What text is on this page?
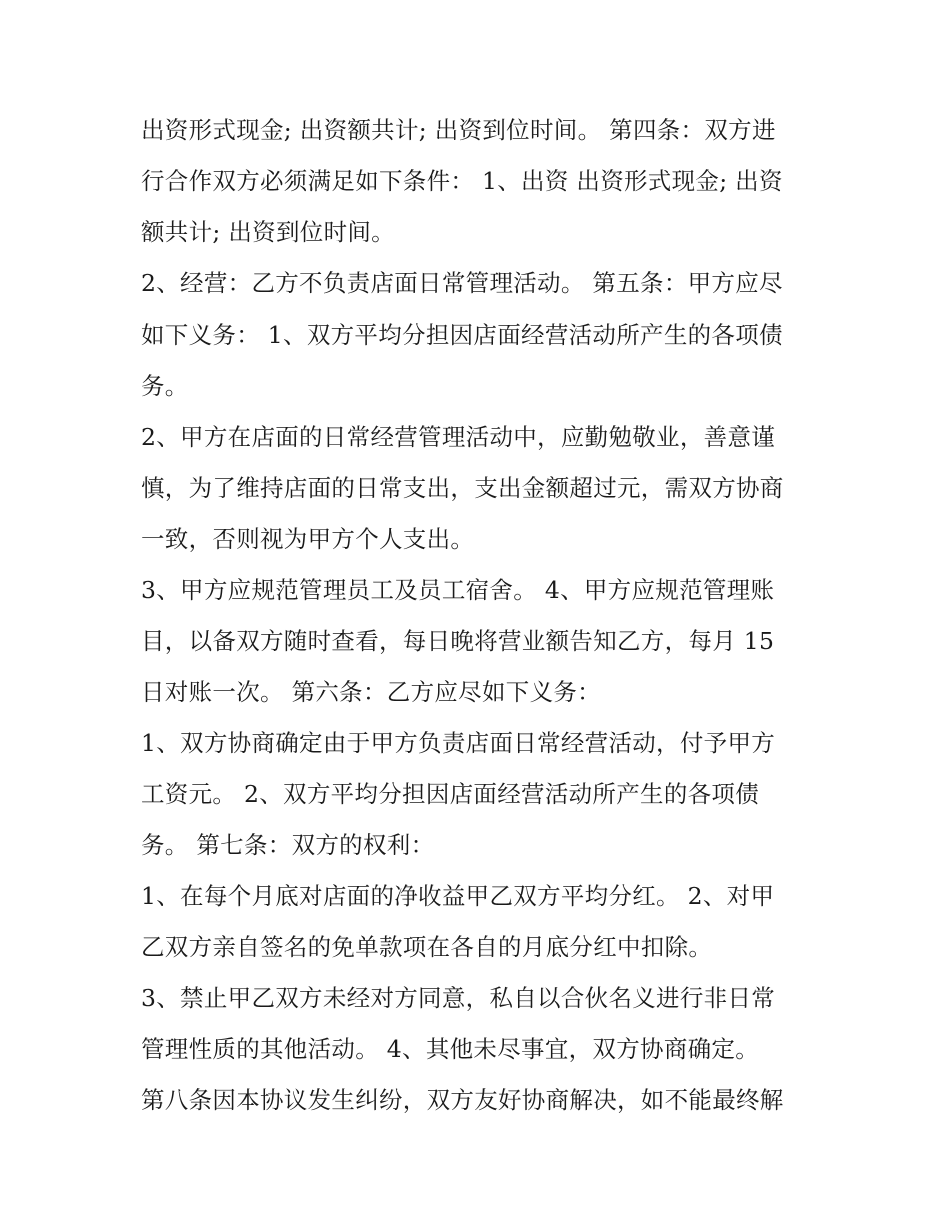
出资形式现金; 出资额共计; 出资到位时间。 第四条：双方进
行合作双方必须满足如下条件： 1、出资 出资形式现金; 出资
额共计; 出资到位时间。
2、经营：乙方不负责店面日常管理活动。 第五条：甲方应尽
如下义务： 1、双方平均分担因店面经营活动所产生的各项债
务。
2、甲方在店面的日常经营管理活动中，应勤勉敬业，善意谨
慎，为了维持店面的日常支出，支出金额超过元，需双方协商
一致，否则视为甲方个人支出。
3、甲方应规范管理员工及员工宿舍。 4、甲方应规范管理账
目，以备双方随时查看，每日晚将营业额告知乙方，每月 15
日对账一次。 第六条：乙方应尽如下义务：
1、双方协商确定由于甲方负责店面日常经营活动，付予甲方
工资元。 2、双方平均分担因店面经营活动所产生的各项债
务。 第七条：双方的权利：
1、在每个月底对店面的净收益甲乙双方平均分红。 2、对甲
乙双方亲自签名的免单款项在各自的月底分红中扣除。
3、禁止甲乙双方未经对方同意，私自以合伙名义进行非日常
管理性质的其他活动。 4、其他未尽事宜，双方协商确定。
第八条因本协议发生纠纷，双方友好协商解决，如不能最终解
